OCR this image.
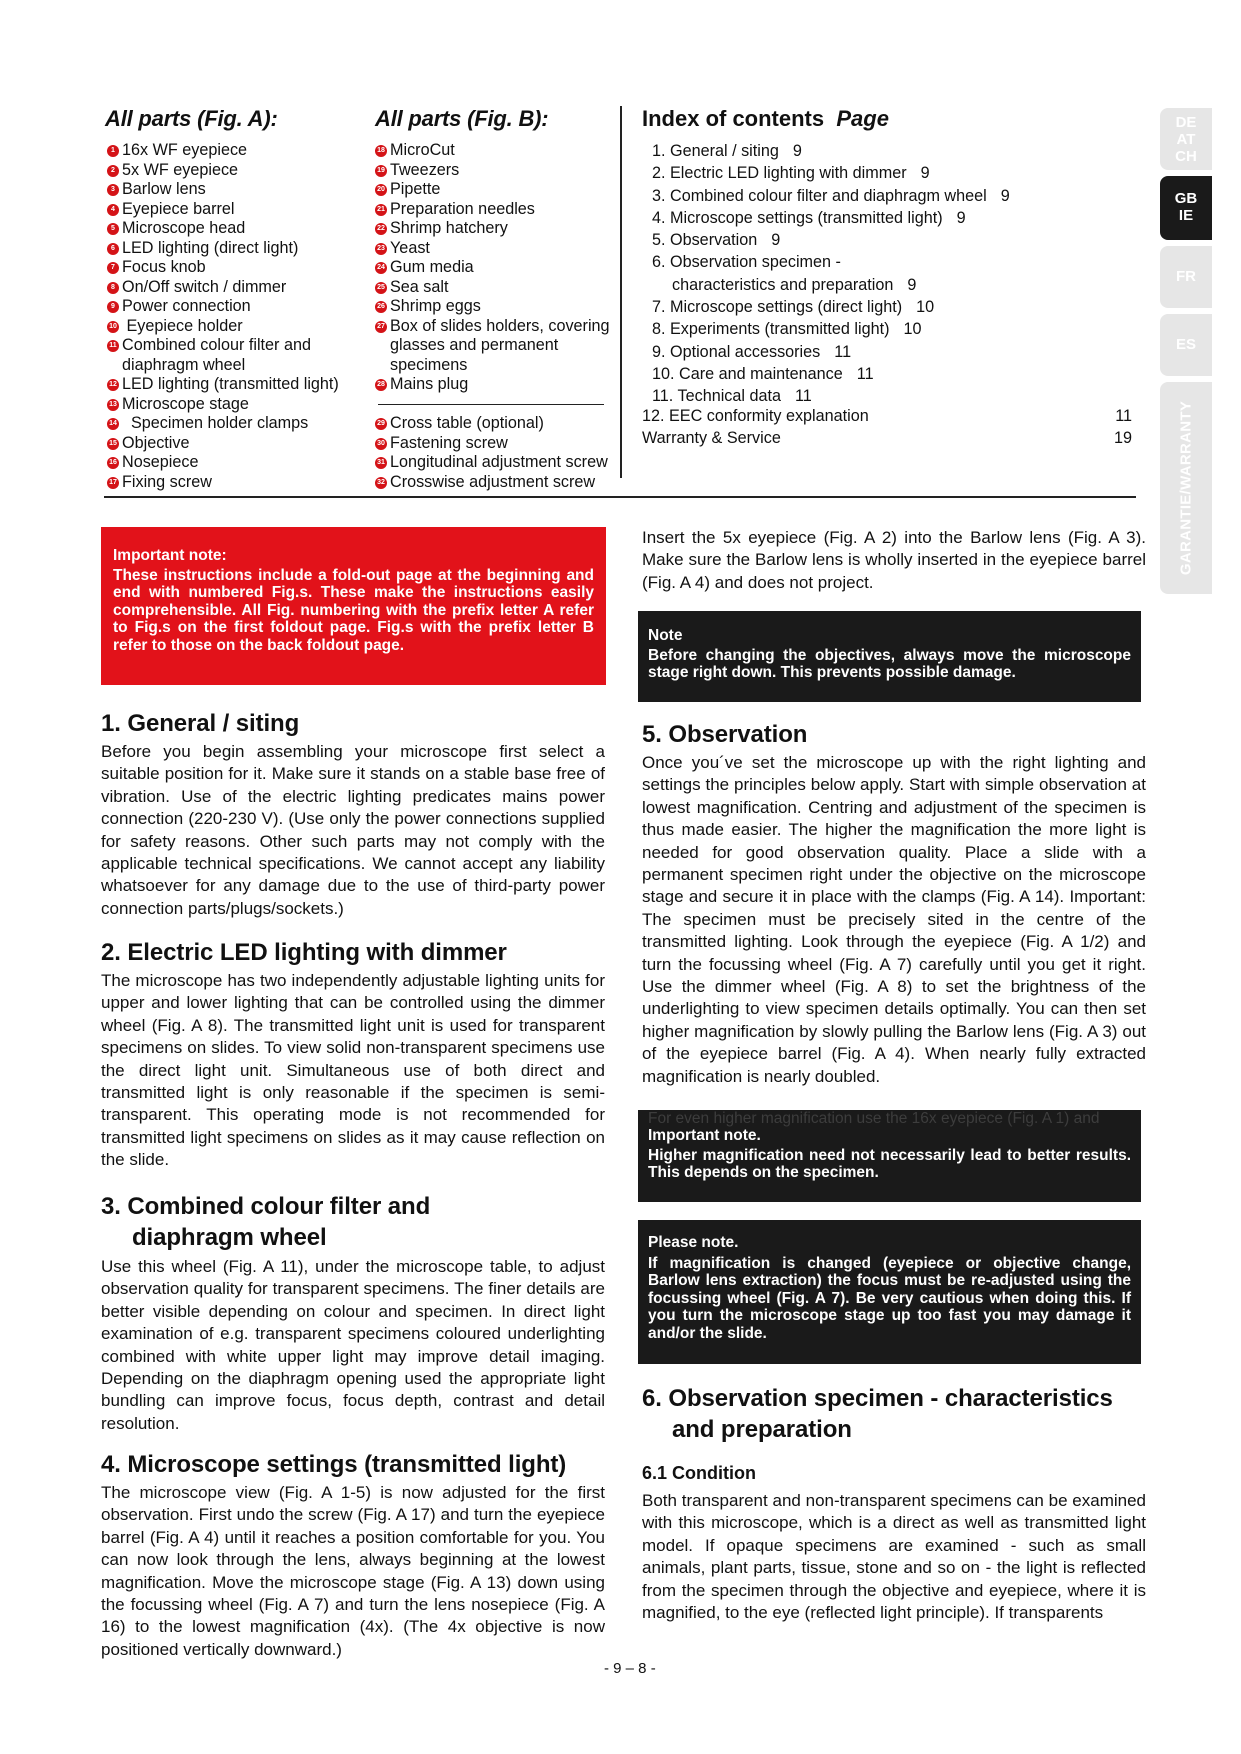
All parts (Fig. A):
1 16x WF eyepiece
2 5x WF eyepiece
3 Barlow lens
4 Eyepiece barrel
5 Microscope head
6 LED lighting (direct light)
7 Focus knob
8 On/Off switch / dimmer
9 Power connection
10 Eyepiece holder
11 Combined colour filter and diaphragm wheel
12 LED lighting (transmitted light)
13 Microscope stage
14 Specimen holder clamps
15 Objective
16 Nosepiece
17 Fixing screw
All parts (Fig. B):
18 MicroCut
19 Tweezers
20 Pipette
21 Preparation needles
22 Shrimp hatchery
23 Yeast
24 Gum media
25 Sea salt
26 Shrimp eggs
27 Box of slides holders, covering glasses and permanent specimens
28 Mains plug
29 Cross table (optional)
30 Fastening screw
31 Longitudinal adjustment screw
32 Crosswise adjustment screw
Index of contents Page
1. General / siting 9
2. Electric LED lighting with dimmer 9
3. Combined colour filter and diaphragm wheel 9
4. Microscope settings (transmitted light) 9
5. Observation 9
6. Observation specimen -
characteristics and preparation 9
7. Microscope settings (direct light) 10
8. Experiments (transmitted light) 10
9. Optional accessories 11
10. Care and maintenance 11
11. Technical data 11
12. EEC conformity explanation	11
Warranty & Service	19
DE
AT
CH
GB
IE
FR
ES
GARANTIE/WARRANTY
Important note:
These instructions include a fold-out page at the beginning and end with numbered Fig.s. These make the instructions easily comprehensible. All Fig. numbering with the prefix letter A refer to Fig.s on the first foldout page. Fig.s with the prefix letter B refer to those on the back foldout page.
1. General / siting
Before you begin assembling your microscope first select a suitable position for it. Make sure it stands on a stable base free of vibration. Use of the electric lighting predicates mains power connection (220-230 V). (Use only the power connections supplied for safety reasons. Other such parts may not comply with the applicable technical specifications. We cannot accept any liability whatsoever for any damage due to the use of third-party power connection parts/plugs/sockets.)
2. Electric LED lighting with dimmer
The microscope has two independently adjustable lighting units for upper and lower lighting that can be controlled using the dimmer wheel (Fig. A 8). The transmitted light unit is used for transparent specimens on slides. To view solid non-transparent specimens use the direct light unit. Simultaneous use of both direct and transmitted light is only reasonable if the specimen is semi-transparent. This operating mode is not recommended for transmitted light specimens on slides as it may cause reflection on the slide.
3. Combined colour filter and
diaphragm wheel
Use this wheel (Fig. A 11), under the microscope table, to adjust observation quality for transparent specimens. The finer details are better visible depending on colour and specimen. In direct light examination of e.g. transparent specimens coloured underlighting combined with white upper light may improve detail imaging. Depending on the diaphragm opening used the appropriate light bundling can improve focus, focus depth, contrast and detail resolution.
4. Microscope settings (transmitted light)
The microscope view (Fig. A 1-5) is now adjusted for the first observation. First undo the screw (Fig. A 17) and turn the eyepiece barrel (Fig. A 4) until it reaches a position comfortable for you. You can now look through the lens, always beginning at the lowest magnification. Move the microscope stage (Fig. A 13) down using the focussing wheel (Fig. A 7) and turn the lens nosepiece (Fig. A 16) to the lowest magnification (4x). (The 4x objective is now positioned vertically downward.)
Insert the 5x eyepiece (Fig. A 2) into the Barlow lens (Fig. A 3). Make sure the Barlow lens is wholly inserted in the eyepiece barrel (Fig. A 4) and does not project.
Note
Before changing the objectives, always move the microscope stage right down. This prevents possible damage.
5. Observation
Once you´ve set the microscope up with the right lighting and settings the principles below apply. Start with simple observation at lowest magnification. Centring and adjustment of the specimen is thus made easier. The higher the magnification the more light is needed for good observation quality. Place a slide with a permanent specimen right under the objective on the microscope stage and secure it in place with the clamps (Fig. A 14). Important: The specimen must be precisely sited in the centre of the transmitted lighting. Look through the eyepiece (Fig. A 1/2) and turn the focussing wheel (Fig. A 7) carefully until you get it right. Use the dimmer wheel (Fig. A 8) to set the brightness of the underlighting to view specimen details optimally. You can then set higher magnification by slowly pulling the Barlow lens (Fig. A 3) out of the eyepiece barrel (Fig. A 4). When nearly fully extracted magnification is nearly doubled.
For even higher magnification use the 16x eyepiece (Fig. A 1) and
Important note.
Higher magnification need not necessarily lead to better results. This depends on the specimen.
Please note.
If magnification is changed (eyepiece or objective change, Barlow lens extraction) the focus must be re-adjusted using the focussing wheel (Fig. A 7). Be very cautious when doing this. If you turn the microscope stage up too fast you may damage it and/or the slide.
6. Observation specimen - characteristics
and preparation
6.1 Condition
Both transparent and non-transparent specimens can be examined with this microscope, which is a direct as well as transmitted light model. If opaque specimens are examined - such as small animals, plant parts, tissue, stone and so on - the light is reflected from the specimen through the objective and eyepiece, where it is magnified, to the eye (reflected light principle). If transparents
- 9 – 8 -
